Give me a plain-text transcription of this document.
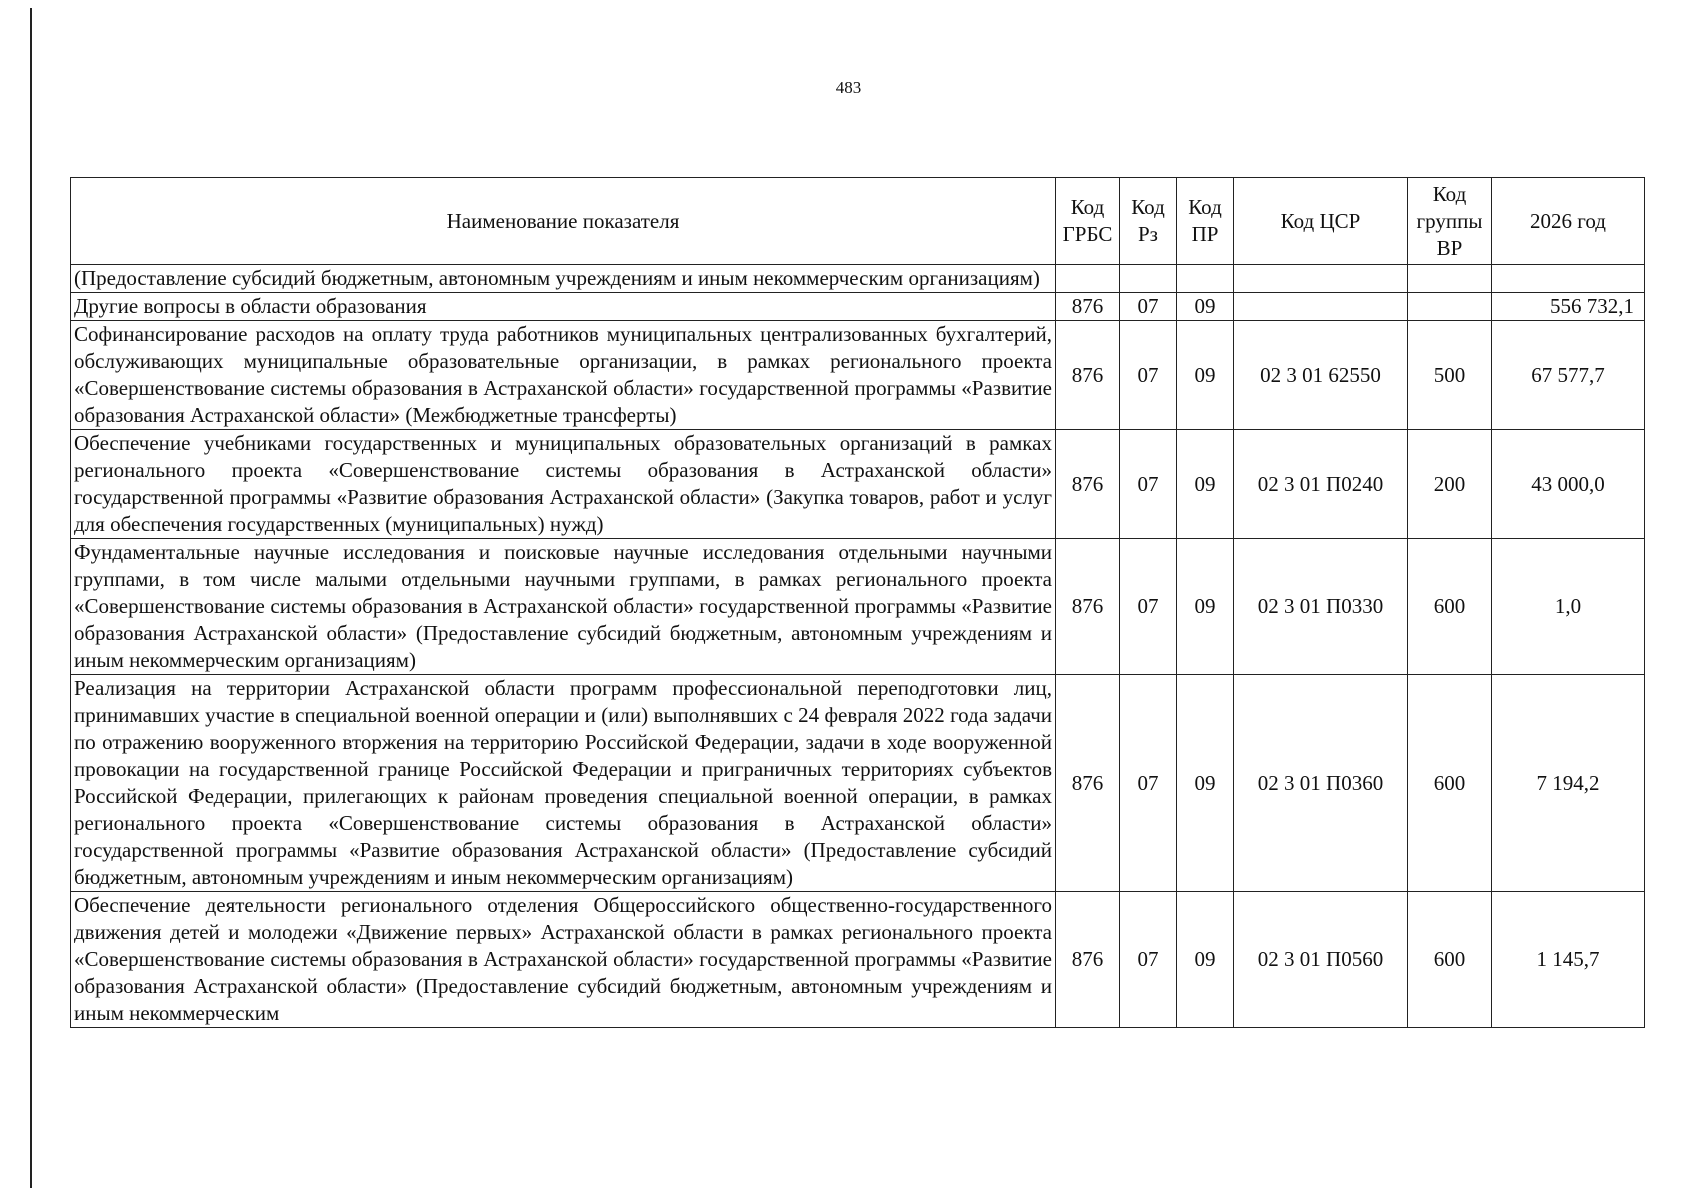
483
Наименование показателя	Код ГРБС	Код Рз	Код ПР	Код ЦСР	Код группы ВР	2026 год
(Предоставление субсидий бюджетным, автономным учреждениям и иным некоммерческим организациям)						
Другие вопросы в области образования	876	07	09			556 732,1
Софинансирование расходов на оплату труда работников муниципальных централизованных бухгалтерий, обслуживающих муниципальные образовательные организации, в рамках регионального проекта «Совершенствование системы образования в Астраханской области» государственной программы «Развитие образования Астраханской области» (Межбюджетные трансферты)	876	07	09	02 3 01 62550	500	67 577,7
Обеспечение учебниками государственных и муниципальных образовательных организаций в рамках регионального проекта «Совершенствование системы образования в Астраханской области» государственной программы «Развитие образования Астраханской области» (Закупка товаров, работ и услуг для обеспечения государственных (муниципальных) нужд)	876	07	09	02 3 01 П0240	200	43 000,0
Фундаментальные научные исследования и поисковые научные исследования отдельными научными группами, в том числе малыми отдельными научными группами, в рамках регионального проекта «Совершенствование системы образования в Астраханской области» государственной программы «Развитие образования Астраханской области» (Предоставление субсидий бюджетным, автономным учреждениям и иным некоммерческим организациям)	876	07	09	02 3 01 П0330	600	1,0
Реализация на территории Астраханской области программ профессиональной переподготовки лиц, принимавших участие в специальной военной операции и (или) выполнявших с 24 февраля 2022 года задачи по отражению вооруженного вторжения на территорию Российской Федерации, задачи в ходе вооруженной провокации на государственной границе Российской Федерации и приграничных территориях субъектов Российской Федерации, прилегающих к районам проведения специальной военной операции, в рамках регионального проекта «Совершенствование системы образования в Астраханской области» государственной программы «Развитие образования Астраханской области» (Предоставление субсидий бюджетным, автономным учреждениям и иным некоммерческим организациям)	876	07	09	02 3 01 П0360	600	7 194,2
Обеспечение деятельности регионального отделения Общероссийского общественно-государственного движения детей и молодежи «Движение первых» Астраханской области в рамках регионального проекта «Совершенствование системы образования в Астраханской области» государственной программы «Развитие образования Астраханской области» (Предоставление субсидий бюджетным, автономным учреждениям и иным некоммерческим	876	07	09	02 3 01 П0560	600	1 145,7
